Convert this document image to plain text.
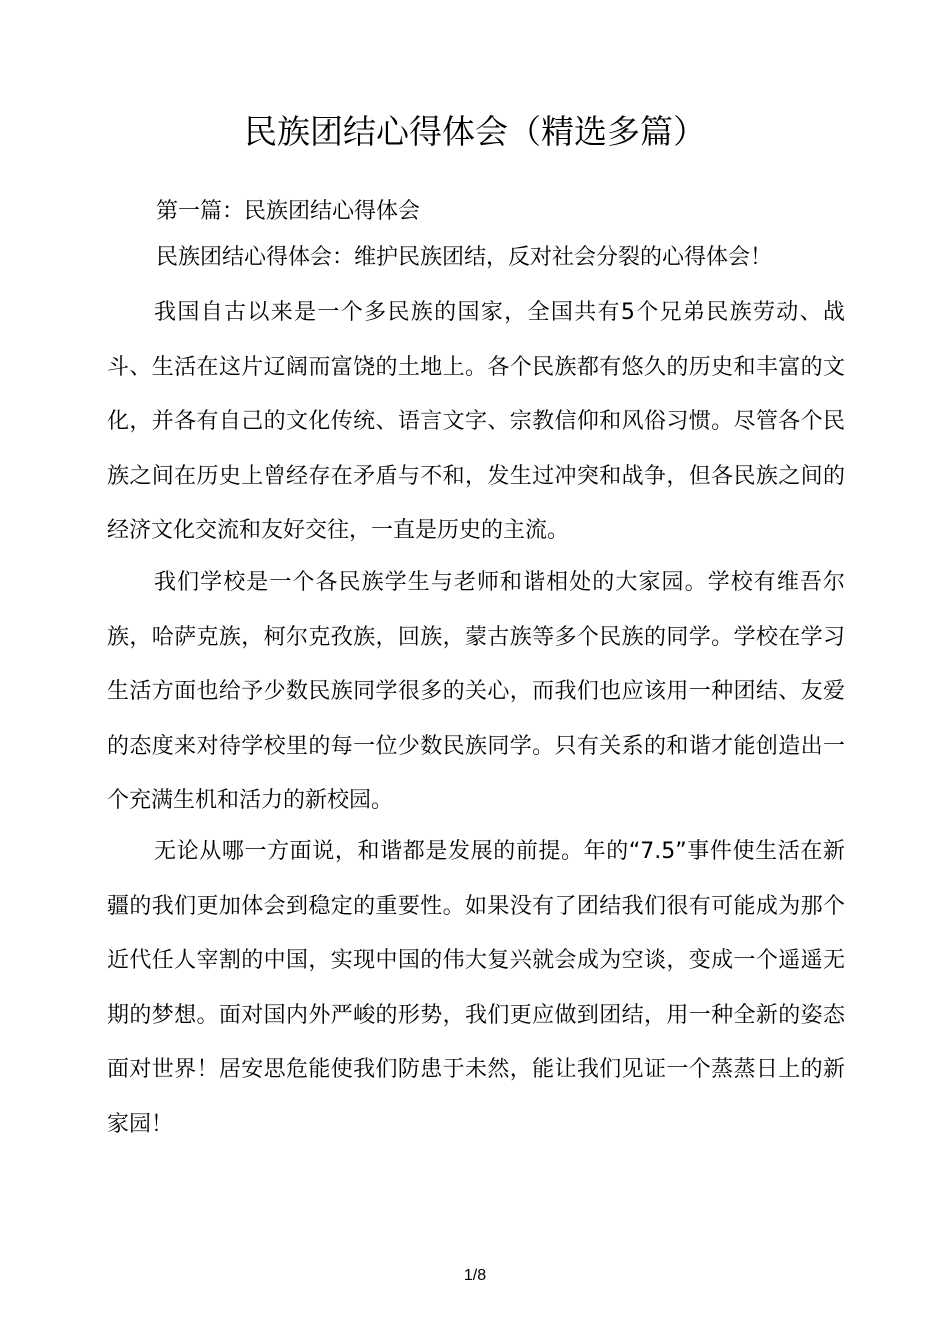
民族团结心得体会（精选多篇）
第一篇：民族团结心得体会
民族团结心得体会：维护民族团结，反对社会分裂的心得体会！

我国自古以来是一个多民族的国家，全国共有5个兄弟民族劳动、战斗、生活在这片辽阔而富饶的土地上。各个民族都有悠久的历史和丰富的文化，并各有自己的文化传统、语言文字、宗教信仰和风俗习惯。尽管各个民族之间在历史上曾经存在矛盾与不和，发生过冲突和战争，但各民族之间的经济文化交流和友好交往，一直是历史的主流。

我们学校是一个各民族学生与老师和谐相处的大家园。学校有维吾尔族，哈萨克族，柯尔克孜族，回族，蒙古族等多个民族的同学。学校在学习生活方面也给予少数民族同学很多的关心，而我们也应该用一种团结、友爱的态度来对待学校里的每一位少数民族同学。只有关系的和谐才能创造出一个充满生机和活力的新校园。

无论从哪一方面说，和谐都是发展的前提。年的“7.5”事件使生活在新疆的我们更加体会到稳定的重要性。如果没有了团结我们很有可能成为那个近代任人宰割的中国，实现中国的伟大复兴就会成为空谈，变成一个遥遥无期的梦想。面对国内外严峻的形势，我们更应做到团结，用一种全新的姿态面对世界！居安思危能使我们防患于未然，能让我们见证一个蒸蒸日上的新家园！

1/8
